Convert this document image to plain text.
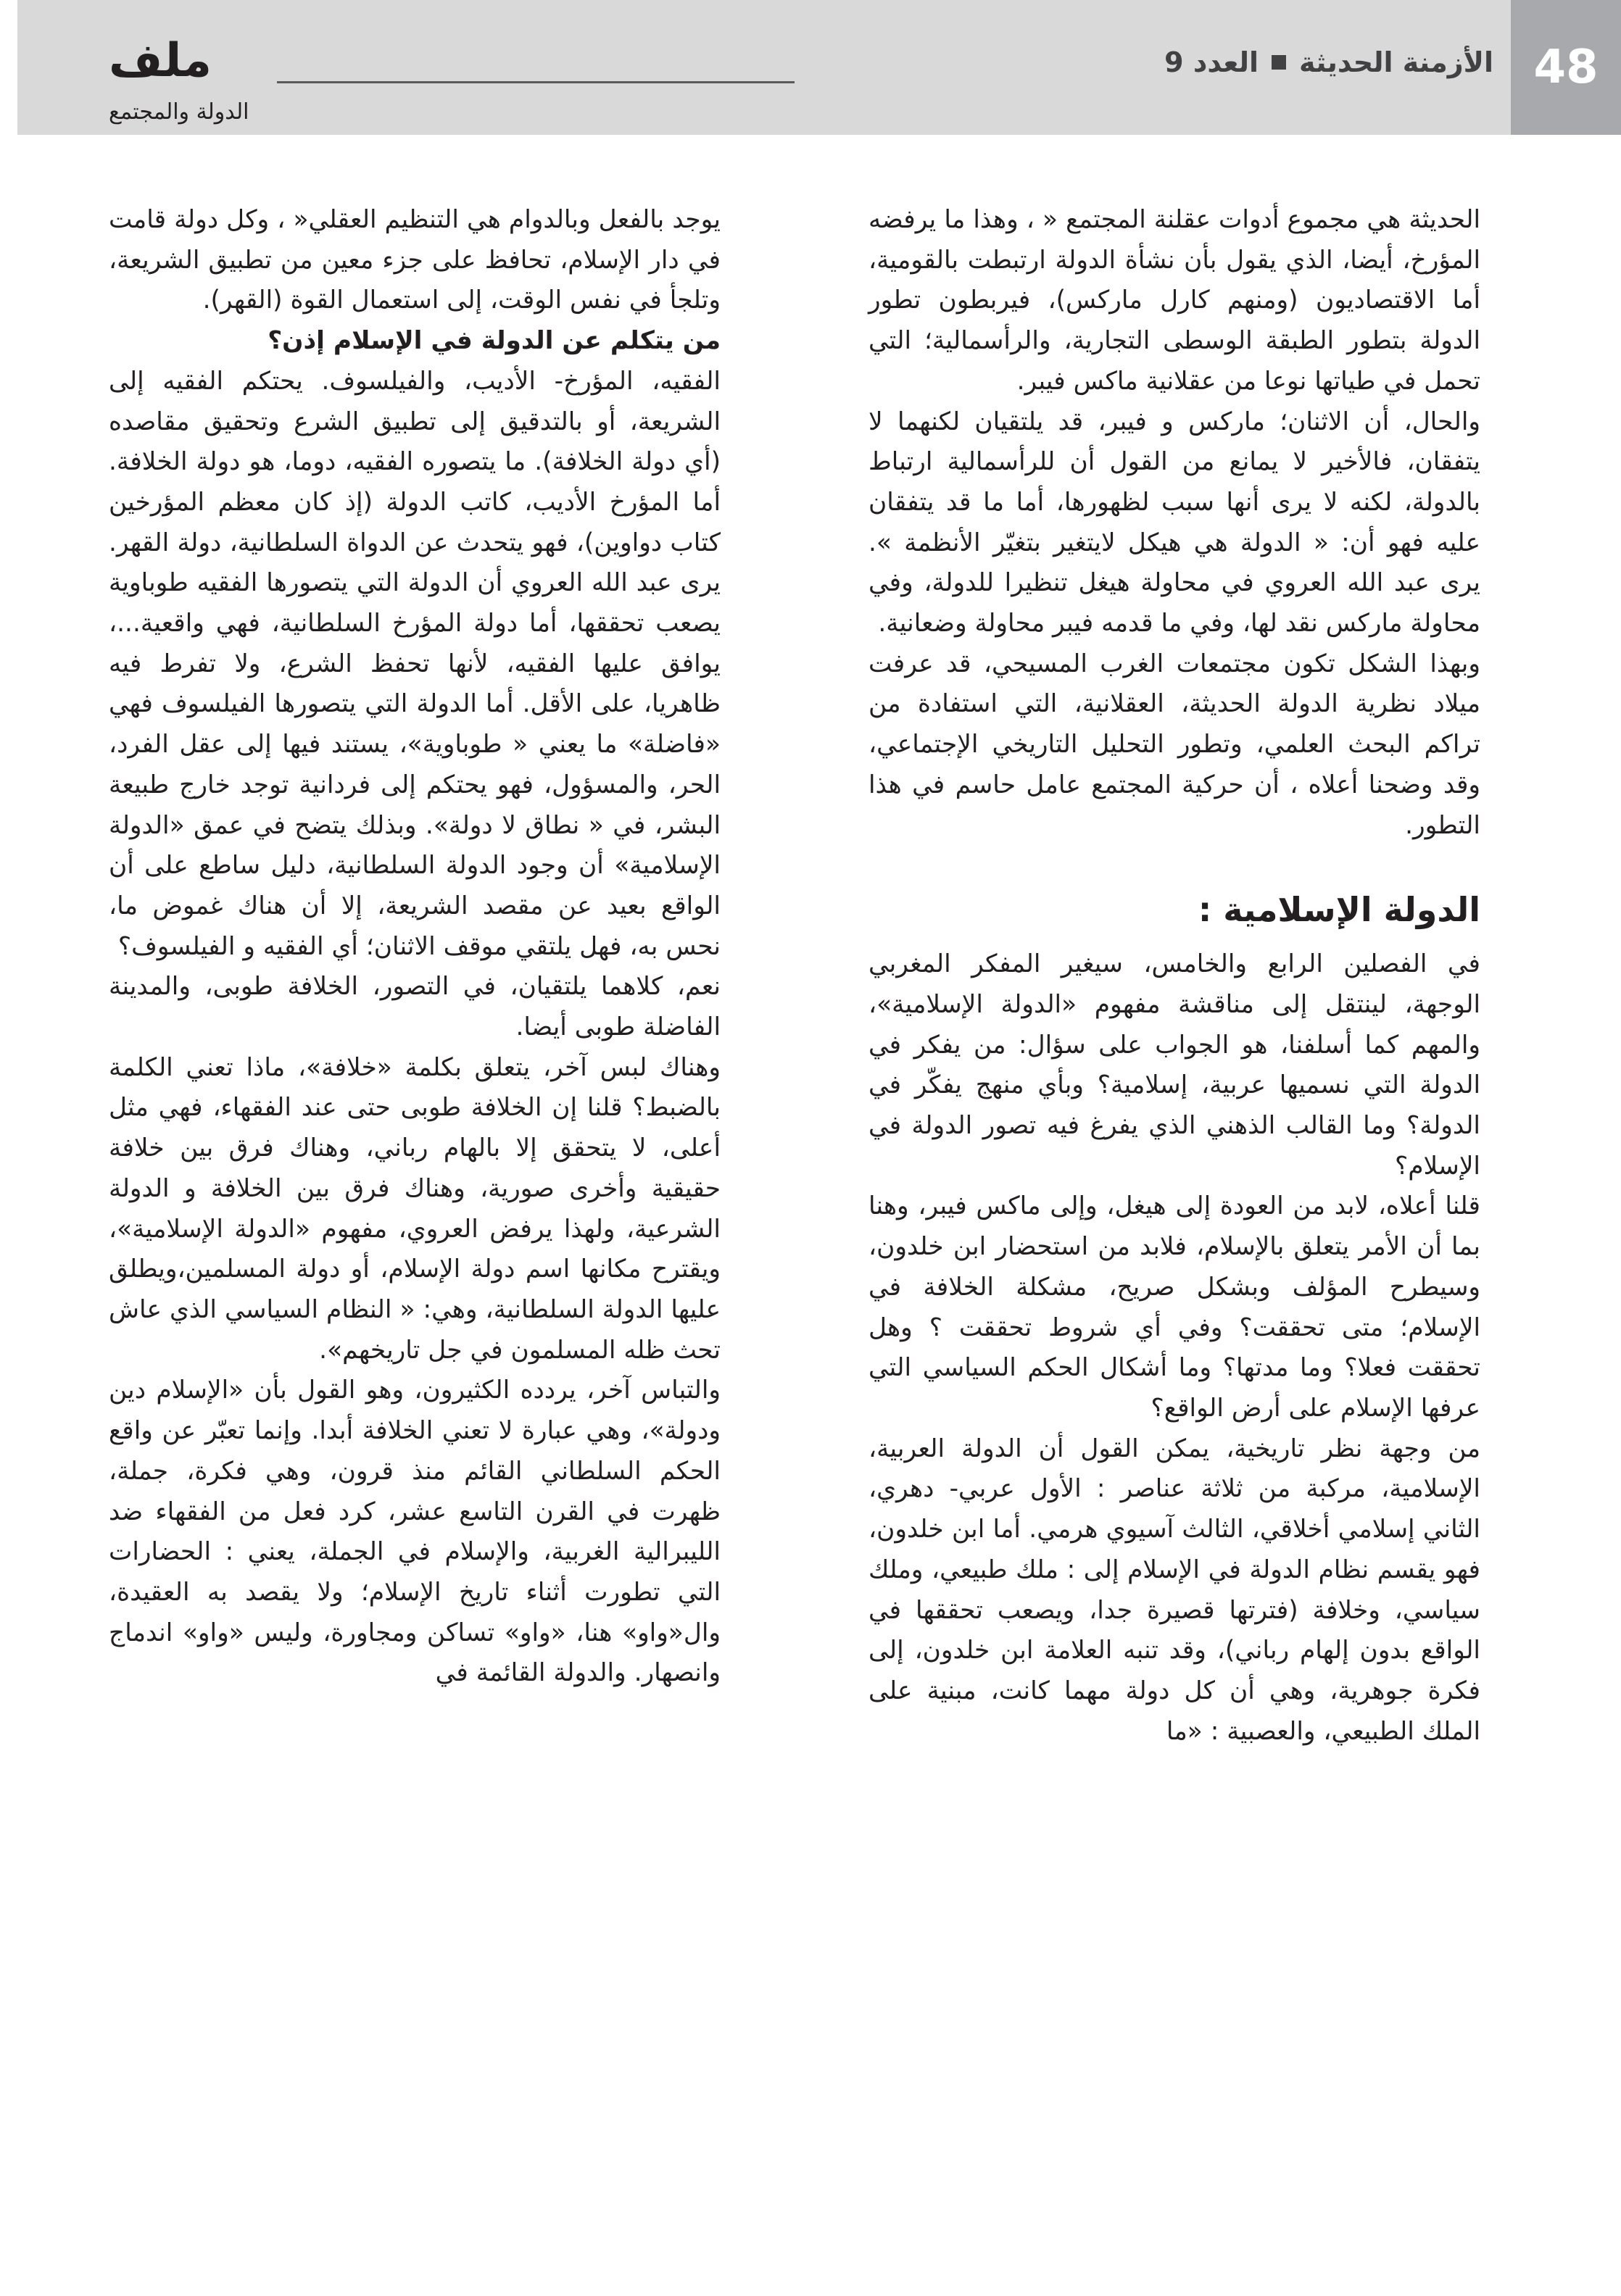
48
الأزمنة الحديثة
العدد 9
ملف
الدولة والمجتمع

الحديثة هي مجموع أدوات عقلنة المجتمع « ، وهذا ما يرفضه المؤرخ، أيضا، الذي يقول بأن نشأة الدولة ارتبطت بالقومية، أما الاقتصاديون (ومنهم كارل ماركس)، فيربطون تطور الدولة بتطور الطبقة الوسطى التجارية، والرأسمالية؛ التي تحمل في طياتها نوعا من عقلانية ماكس فيبر.

والحال، أن الاثنان؛ ماركس و فيبر، قد يلتقيان لكنهما لا يتفقان، فالأخير لا يمانع من القول أن للرأسمالية ارتباط بالدولة، لكنه لا يرى أنها سبب لظهورها، أما ما قد يتفقان عليه فهو أن: « الدولة هي هيكل لايتغير بتغيّر الأنظمة ». يرى عبد الله العروي في محاولة هيغل تنظيرا للدولة، وفي محاولة ماركس نقد لها، وفي ما قدمه فيبر محاولة وضعانية.

وبهذا الشكل تكون مجتمعات الغرب المسيحي، قد عرفت ميلاد نظرية الدولة الحديثة، العقلانية، التي استفادة من تراكم البحث العلمي، وتطور التحليل التاريخي الإجتماعي، وقد وضحنا أعلاه ، أن حركية المجتمع عامل حاسم في هذا التطور.

الدولة الإسلامية :

في الفصلين الرابع والخامس، سيغير المفكر المغربي الوجهة، لينتقل إلى مناقشة مفهوم «الدولة الإسلامية»، والمهم كما أسلفنا، هو الجواب على سؤال: من يفكر في الدولة التي نسميها عربية، إسلامية؟ وبأي منهج يفكّر في الدولة؟ وما القالب الذهني الذي يفرغ فيه تصور الدولة في الإسلام؟

قلنا أعلاه، لابد من العودة إلى هيغل، وإلى ماكس فيبر، وهنا بما أن الأمر يتعلق بالإسلام، فلابد من استحضار ابن خلدون، وسيطرح المؤلف وبشكل صريح، مشكلة الخلافة في الإسلام؛ متى تحققت؟ وفي أي شروط تحققت ؟ وهل تحققت فعلا؟ وما مدتها؟ وما أشكال الحكم السياسي التي عرفها الإسلام على أرض الواقع؟

من وجهة نظر تاريخية، يمكن القول أن الدولة العربية، الإسلامية، مركبة من ثلاثة عناصر : الأول عربي- دهري، الثاني إسلامي أخلاقي، الثالث آسيوي هرمي. أما ابن خلدون، فهو يقسم نظام الدولة في الإسلام إلى : ملك طبيعي، وملك سياسي، وخلافة (فترتها قصيرة جدا، ويصعب تحققها في الواقع بدون إلهام رباني)، وقد تنبه العلامة ابن خلدون، إلى فكرة جوهرية، وهي أن كل دولة مهما كانت، مبنية على الملك الطبيعي، والعصبية : «ما

يوجد بالفعل وبالدوام هي التنظيم العقلي« ، وكل دولة قامت في دار الإسلام، تحافظ على جزء معين من تطبيق الشريعة، وتلجأ في نفس الوقت، إلى استعمال القوة (القهر).

من يتكلم عن الدولة في الإسلام إذن؟

الفقيه، المؤرخ- الأديب، والفيلسوف. يحتكم الفقيه إلى الشريعة، أو بالتدقيق إلى تطبيق الشرع وتحقيق مقاصده (أي دولة الخلافة). ما يتصوره الفقيه، دوما، هو دولة الخلافة. أما المؤرخ الأديب، كاتب الدولة (إذ كان معظم المؤرخين كتاب دواوين)، فهو يتحدث عن الدواة السلطانية، دولة القهر. يرى عبد الله العروي أن الدولة التي يتصورها الفقيه طوباوية يصعب تحققها، أما دولة المؤرخ السلطانية، فهي واقعية...، يوافق عليها الفقيه، لأنها تحفظ الشرع، ولا تفرط فيه ظاهريا، على الأقل. أما الدولة التي يتصورها الفيلسوف فهي «فاضلة» ما يعني « طوباوية»، يستند فيها إلى عقل الفرد، الحر، والمسؤول، فهو يحتكم إلى فردانية توجد خارج طبيعة البشر، في « نطاق لا دولة». وبذلك يتضح في عمق «الدولة الإسلامية» أن وجود الدولة السلطانية، دليل ساطع على أن الواقع بعيد عن مقصد الشريعة، إلا أن هناك غموض ما، نحس به، فهل يلتقي موقف الاثنان؛ أي الفقيه و الفيلسوف؟

نعم، كلاهما يلتقيان، في التصور، الخلافة طوبى، والمدينة الفاضلة طوبى أيضا.

وهناك لبس آخر، يتعلق بكلمة «خلافة»، ماذا تعني الكلمة بالضبط؟ قلنا إن الخلافة طوبى حتى عند الفقهاء، فهي مثل أعلى، لا يتحقق إلا بالهام رباني، وهناك فرق بين خلافة حقيقية وأخرى صورية، وهناك فرق بين الخلافة و الدولة الشرعية، ولهذا يرفض العروي، مفهوم «الدولة الإسلامية»، ويقترح مكانها اسم دولة الإسلام، أو دولة المسلمين،ويطلق عليها الدولة السلطانية، وهي: « النظام السياسي الذي عاش تحث ظله المسلمون في جل تاريخهم».

والتباس آخر، يردده الكثيرون، وهو القول بأن «الإسلام دين ودولة»، وهي عبارة لا تعني الخلافة أبدا. وإنما تعبّر عن واقع الحكم السلطاني القائم منذ قرون، وهي فكرة، جملة، ظهرت في القرن التاسع عشر، كرد فعل من الفقهاء ضد الليبرالية الغربية، والإسلام في الجملة، يعني : الحضارات التي تطورت أثناء تاريخ الإسلام؛ ولا يقصد به العقيدة، وال«واو» هنا، «واو» تساكن ومجاورة، وليس «واو» اندماج وانصهار. والدولة القائمة في
